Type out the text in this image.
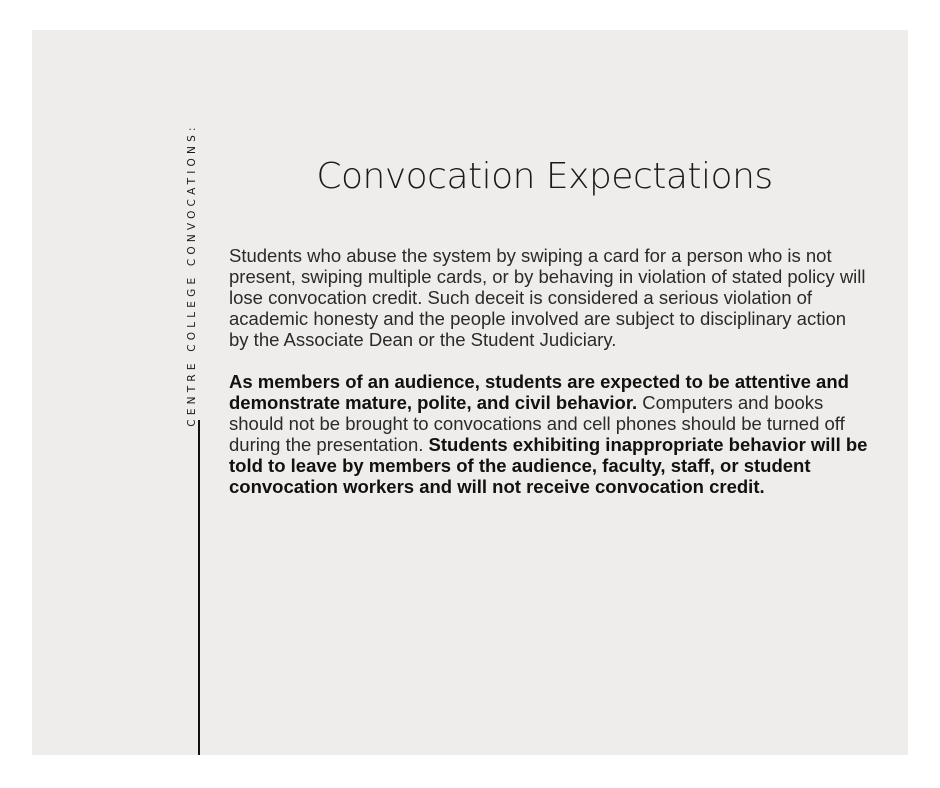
CENTRE COLLEGE CONVOCATIONS:	Convocation Expectations

Students who abuse the system by swiping a card for a person who is not present, swiping multiple cards, or by behaving in violation of stated policy will lose convocation credit. Such deceit is considered a serious violation of academic honesty and the people involved are subject to disciplinary action by the Associate Dean or the Student Judiciary.

As members of an audience, students are expected to be attentive and demonstrate mature, polite, and civil behavior. Computers and books should not be brought to convocations and cell phones should be turned off during the presentation. Students exhibiting inappropriate behavior will be told to leave by members of the audience, faculty, staff, or student convocation workers and will not receive convocation credit.
